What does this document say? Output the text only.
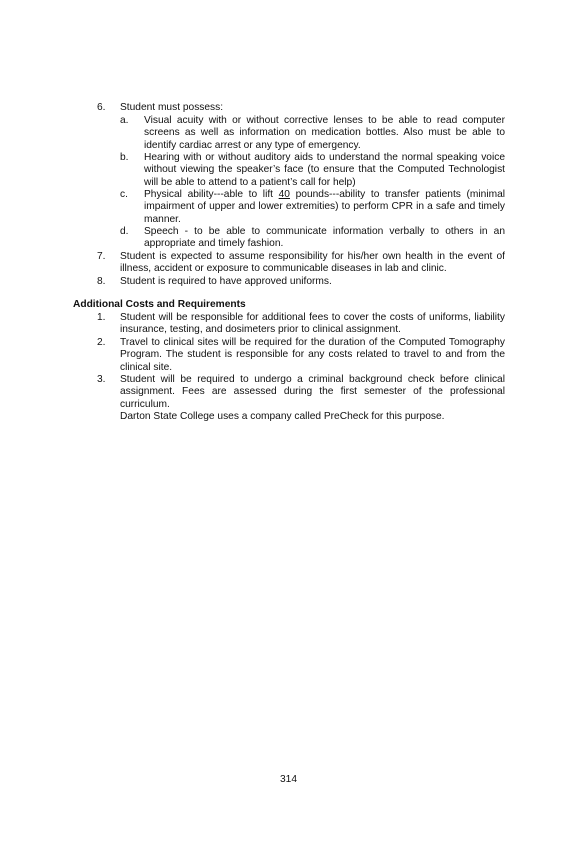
6.	Student must possess:
a.	Visual acuity with or without corrective lenses to be able to read computer screens as well as information on medication bottles. Also must be able to identify cardiac arrest or any type of emergency.
b.	Hearing with or without auditory aids to understand the normal speaking voice without viewing the speaker’s face (to ensure that the Computed Technologist will be able to attend to a patient’s call for help)
c.	Physical ability---able to lift 40 pounds---ability to transfer patients (minimal impairment of upper and lower extremities) to perform CPR in a safe and timely manner.
d.	Speech - to be able to communicate information verbally to others in an appropriate and timely fashion.
7.	Student is expected to assume responsibility for his/her own health in the event of illness, accident or exposure to communicable diseases in lab and clinic.
8.	Student is required to have approved uniforms.
Additional Costs and Requirements
1.	Student will be responsible for additional fees to cover the costs of uniforms, liability insurance, testing, and dosimeters prior to clinical assignment.
2.	Travel to clinical sites will be required for the duration of the Computed Tomography Program. The student is responsible for any costs related to travel to and from the clinical site.
3.	Student will be required to undergo a criminal background check before clinical assignment. Fees are assessed during the first semester of the professional curriculum.
Darton State College uses a company called PreCheck for this purpose.
314
